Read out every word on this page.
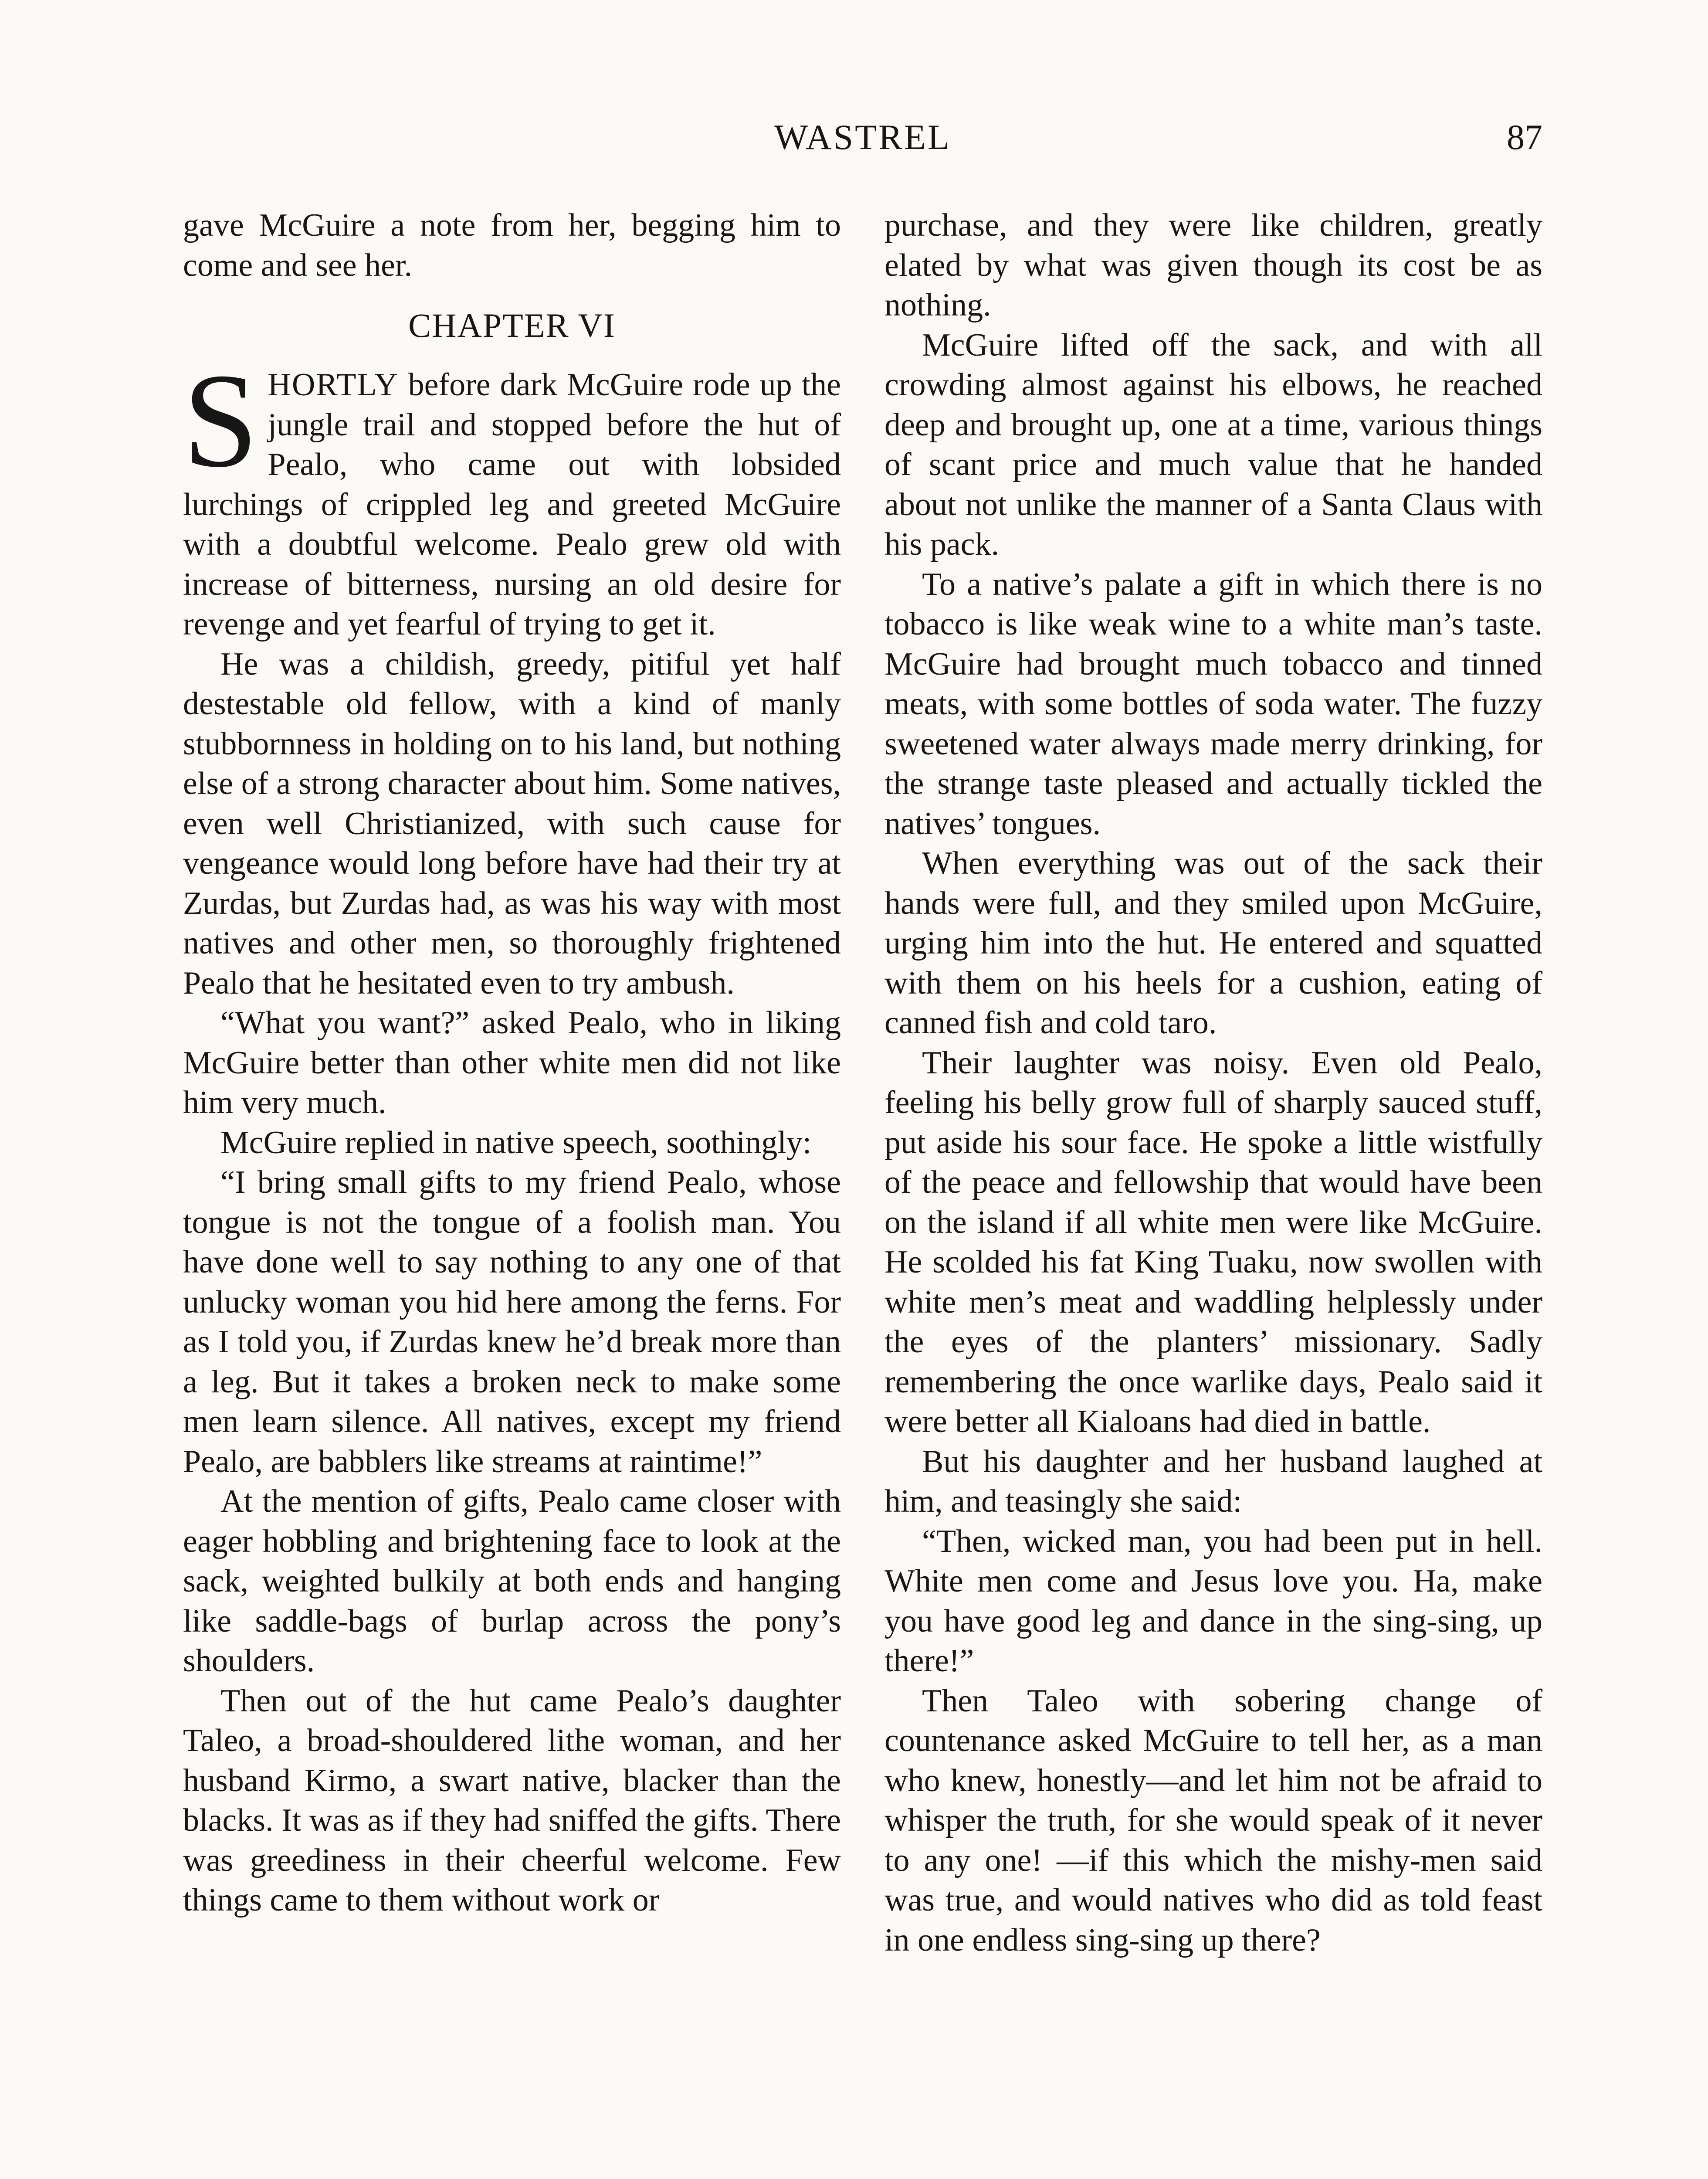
WASTREL	87

gave McGuire a note from her, begging him to come and see her.

CHAPTER VI

SHORTLY before dark McGuire rode up the jungle trail and stopped before the hut of Pealo, who came out with lobsided lurchings of crippled leg and greeted McGuire with a doubtful welcome. Pealo grew old with increase of bitterness, nursing an old desire for revenge and yet fearful of trying to get it.

He was a childish, greedy, pitiful yet half destestable old fellow, with a kind of manly stubbornness in holding on to his land, but nothing else of a strong character about him. Some natives, even well Christianized, with such cause for vengeance would long before have had their try at Zurdas, but Zurdas had, as was his way with most natives and other men, so thoroughly frightened Pealo that he hesitated even to try ambush.

“What you want?” asked Pealo, who in liking McGuire better than other white men did not like him very much.

McGuire replied in native speech, soothingly:

“I bring small gifts to my friend Pealo, whose tongue is not the tongue of a foolish man. You have done well to say nothing to any one of that unlucky woman you hid here among the ferns. For as I told you, if Zurdas knew he’d break more than a leg. But it takes a broken neck to make some men learn silence. All natives, except my friend Pealo, are babblers like streams at raintime!”

At the mention of gifts, Pealo came closer with eager hobbling and brightening face to look at the sack, weighted bulkily at both ends and hanging like saddle-bags of burlap across the pony’s shoulders.

Then out of the hut came Pealo’s daughter Taleo, a broad-shouldered lithe woman, and her husband Kirmo, a swart native, blacker than the blacks. It was as if they had sniffed the gifts. There was greediness in their cheerful welcome. Few things came to them without work or

purchase, and they were like children, greatly elated by what was given though its cost be as nothing.

McGuire lifted off the sack, and with all crowding almost against his elbows, he reached deep and brought up, one at a time, various things of scant price and much value that he handed about not unlike the manner of a Santa Claus with his pack.

To a native’s palate a gift in which there is no tobacco is like weak wine to a white man’s taste. McGuire had brought much tobacco and tinned meats, with some bottles of soda water. The fuzzy sweetened water always made merry drinking, for the strange taste pleased and actually tickled the natives’ tongues.

When everything was out of the sack their hands were full, and they smiled upon McGuire, urging him into the hut. He entered and squatted with them on his heels for a cushion, eating of canned fish and cold taro.

Their laughter was noisy. Even old Pealo, feeling his belly grow full of sharply sauced stuff, put aside his sour face. He spoke a little wistfully of the peace and fellowship that would have been on the island if all white men were like McGuire. He scolded his fat King Tuaku, now swollen with white men’s meat and waddling helplessly under the eyes of the planters’ missionary. Sadly remembering the once warlike days, Pealo said it were better all Kialoans had died in battle.

But his daughter and her husband laughed at him, and teasingly she said:

“Then, wicked man, you had been put in hell. White men come and Jesus love you. Ha, make you have good leg and dance in the sing-sing, up there!”

Then Taleo with sobering change of countenance asked McGuire to tell her, as a man who knew, honestly—and let him not be afraid to whisper the truth, for she would speak of it never to any one! —if this which the mishy-men said was true, and would natives who did as told feast in one endless sing-sing up there?
